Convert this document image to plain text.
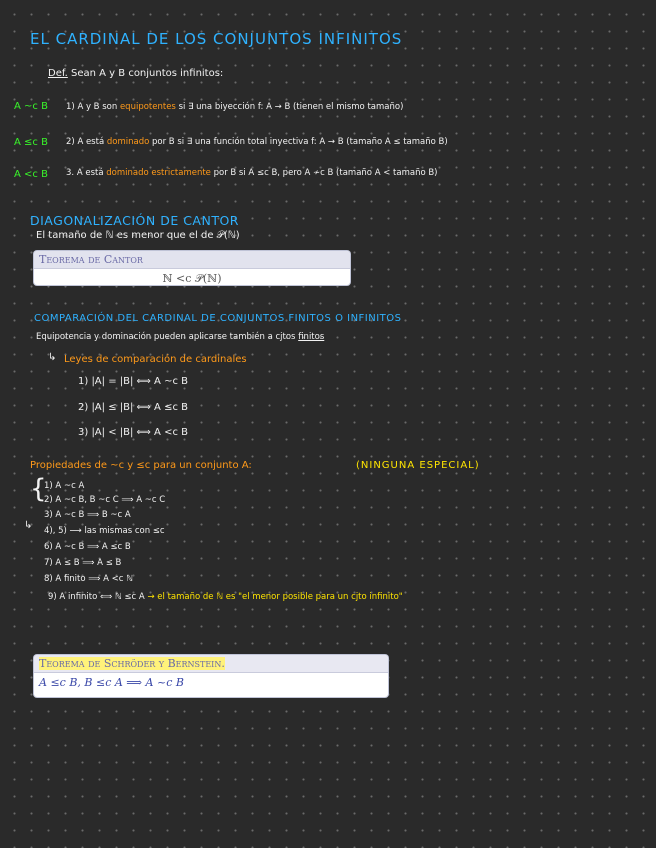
EL CARDINAL DE LOS CONJUNTOS INFINITOS
Def. Sean A y B conjuntos infinitos:
A ~c B 1) A y B son equipotentes si ∃ una biyección f: A → B (tienen el mismo tamaño)
A ≤c B 2) A está dominado por B si ∃ una función total inyectiva f: A → B (tamaño A ≤ tamaño B)
A <c B 3. A está dominado estrictamente por B si A ≤c B, pero A ≁c B (tamaño A < tamaño B)
DIAGONALIZACIÓN DE CANTOR
El tamaño de ℕ es menor que el de 𝒫(ℕ)
Teorema de Cantor
ℕ <c 𝒫(ℕ)
COMPARACIÓN DEL CARDINAL DE CONJUNTOS FINITOS O INFINITOS
Equipotencia y dominación pueden aplicarse también a cjtos finitos
↳ Leyes de comparación de cardinales
1) |A| = |B| ⟺ A ~c B
2) |A| ≤ |B| ⟺ A ≤c B
3) |A| < |B| ⟺ A <c B
Propiedades de ~c y ≤c para un conjunto A:	(NINGUNA ESPECIAL)
{
↳
1) A ~c A
2) A ~c B, B ~c C ⟹ A ~c C
3) A ~c B ⟹ B ~c A
4), 5) ⟶ las mismas con ≤c
6) A ~c B ⟹ A ≤c B
7) A ≤ B ⟹ A ≤ B
8) A finito ⟹ A <c ℕ
9) A infinito ⟺ ℕ ≤c A → el tamaño de ℕ es "el menor posible para un cjto infinito"
Teorema de Schröder y Bernstein.
A ≤c B, B ≤c A ⟹ A ~c B
